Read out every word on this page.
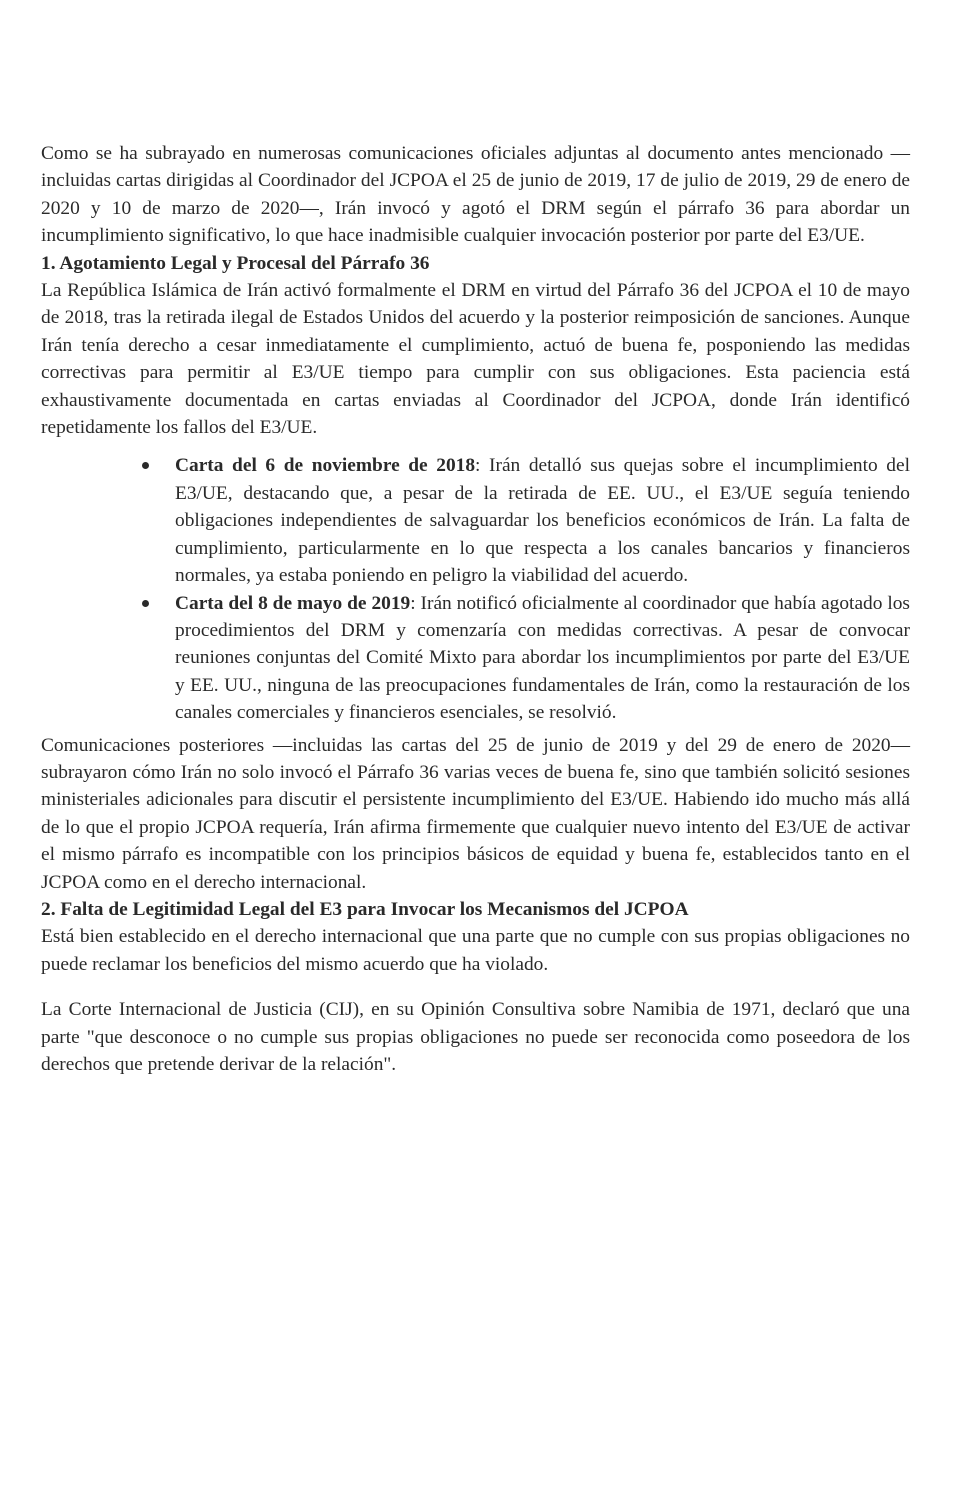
Como se ha subrayado en numerosas comunicaciones oficiales adjuntas al documento antes mencionado —incluidas cartas dirigidas al Coordinador del JCPOA el 25 de junio de 2019, 17 de julio de 2019, 29 de enero de 2020 y 10 de marzo de 2020—, Irán invocó y agotó el DRM según el párrafo 36 para abordar un incumplimiento significativo, lo que hace inadmisible cualquier invocación posterior por parte del E3/UE.

1. Agotamiento Legal y Procesal del Párrafo 36

La República Islámica de Irán activó formalmente el DRM en virtud del Párrafo 36 del JCPOA el 10 de mayo de 2018, tras la retirada ilegal de Estados Unidos del acuerdo y la posterior reimposición de sanciones. Aunque Irán tenía derecho a cesar inmediatamente el cumplimiento, actuó de buena fe, posponiendo las medidas correctivas para permitir al E3/UE tiempo para cumplir con sus obligaciones. Esta paciencia está exhaustivamente documentada en cartas enviadas al Coordinador del JCPOA, donde Irán identificó repetidamente los fallos del E3/UE.

Carta del 6 de noviembre de 2018: Irán detalló sus quejas sobre el incumplimiento del E3/UE, destacando que, a pesar de la retirada de EE. UU., el E3/UE seguía teniendo obligaciones independientes de salvaguardar los beneficios económicos de Irán. La falta de cumplimiento, particularmente en lo que respecta a los canales bancarios y financieros normales, ya estaba poniendo en peligro la viabilidad del acuerdo.
Carta del 8 de mayo de 2019: Irán notificó oficialmente al coordinador que había agotado los procedimientos del DRM y comenzaría con medidas correctivas. A pesar de convocar reuniones conjuntas del Comité Mixto para abordar los incumplimientos por parte del E3/UE y EE. UU., ninguna de las preocupaciones fundamentales de Irán, como la restauración de los canales comerciales y financieros esenciales, se resolvió.

Comunicaciones posteriores —incluidas las cartas del 25 de junio de 2019 y del 29 de enero de 2020— subrayaron cómo Irán no solo invocó el Párrafo 36 varias veces de buena fe, sino que también solicitó sesiones ministeriales adicionales para discutir el persistente incumplimiento del E3/UE. Habiendo ido mucho más allá de lo que el propio JCPOA requería, Irán afirma firmemente que cualquier nuevo intento del E3/UE de activar el mismo párrafo es incompatible con los principios básicos de equidad y buena fe, establecidos tanto en el JCPOA como en el derecho internacional.

2. Falta de Legitimidad Legal del E3 para Invocar los Mecanismos del JCPOA

Está bien establecido en el derecho internacional que una parte que no cumple con sus propias obligaciones no puede reclamar los beneficios del mismo acuerdo que ha violado.

La Corte Internacional de Justicia (CIJ), en su Opinión Consultiva sobre Namibia de 1971, declaró que una parte "que desconoce o no cumple sus propias obligaciones no puede ser reconocida como poseedora de los derechos que pretende derivar de la relación".
